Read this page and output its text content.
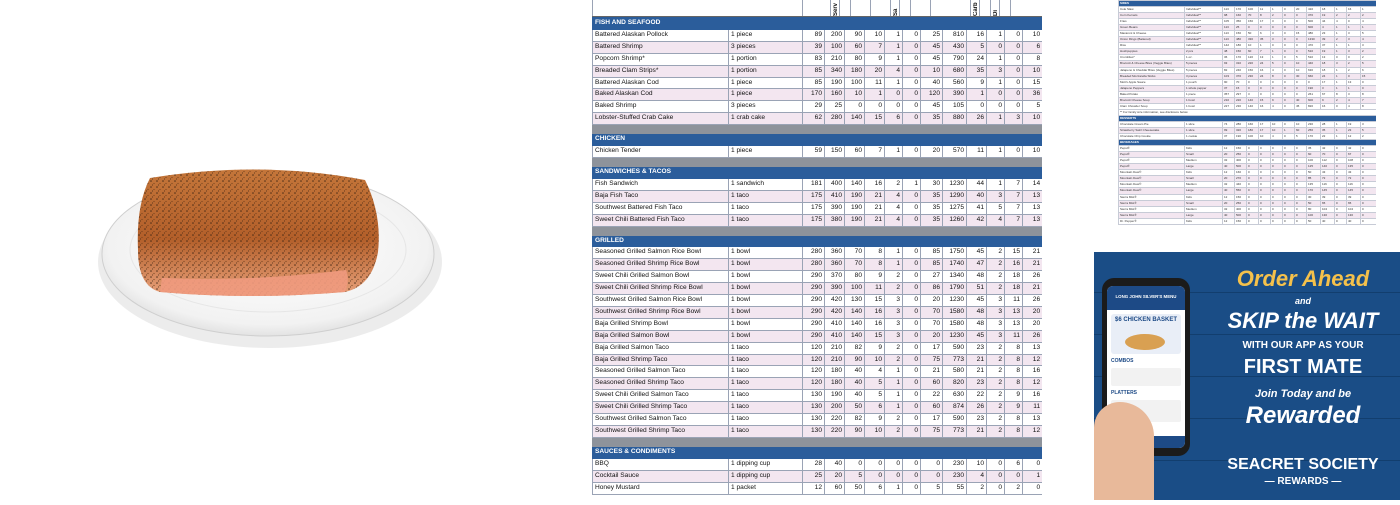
Serv	Sa	Carb Di
FISH AND SEAFOOD													
Battered Alaskan Pollock	1 piece	89	200	90	10	1	0	25	810	16	1	0	10
Battered Shrimp	3 pieces	39	100	60	7	1	0	45	430	5	0	0	6
Popcorn Shrimp*	1 portion	83	210	80	9	1	0	45	790	24	1	0	8
Breaded Clam Strips*	1 portion	85	340	180	20	4	0	10	680	35	3	0	10
Battered Alaskan Cod	1 piece	85	190	100	11	1	0	40	560	9	1	0	15
Baked Alaskan Cod	1 piece	170	160	10	1	0	0	120	390	1	0	0	36
Baked Shrimp	3 pieces	29	25	0	0	0	0	45	105	0	0	0	5
Lobster-Stuffed Crab Cake	1 crab cake	62	280	140	15	6	0	35	880	26	1	3	10

CHICKEN													
Chicken Tender	1 piece	59	150	60	7	1	0	20	570	11	1	0	10

SANDWICHES & TACOS													
Fish Sandwich	1 sandwich	181	400	140	16	2	1	30	1230	44	1	7	14
Baja Fish Taco	1 taco	175	410	190	21	4	0	35	1290	40	3	7	13
Southwest Battered Fish Taco	1 taco	175	390	190	21	4	0	35	1275	41	5	7	13
Sweet Chili Battered Fish Taco	1 taco	175	380	190	21	4	0	35	1260	42	4	7	13

GRILLED													
Seasoned Grilled Salmon Rice Bowl	1 bowl	280	360	70	8	1	0	85	1750	45	2	15	21
Seasoned Grilled Shrimp Rice Bowl	1 bowl	280	360	70	8	1	0	85	1740	47	2	16	21
Sweet Chili Grilled Salmon Bowl	1 bowl	290	370	80	9	2	0	27	1340	48	2	18	26
Sweet Chili Grilled Shrimp Rice Bowl	1 bowl	290	390	100	11	2	0	86	1790	51	2	18	21
Southwest Grilled Salmon Rice Bowl	1 bowl	290	420	130	15	3	0	20	1230	45	3	11	26
Southwest Grilled Shrimp Rice Bowl	1 bowl	290	420	140	16	3	0	70	1580	48	3	13	20
Baja Grilled Shrimp Bowl	1 bowl	290	410	140	16	3	0	70	1580	48	3	13	20
Baja Grilled Salmon Bowl	1 bowl	290	410	140	15	3	0	20	1230	45	3	11	26
Baja Grilled Salmon Taco	1 taco	120	210	82	9	2	0	17	590	23	2	8	13
Baja Grilled Shrimp Taco	1 taco	120	210	90	10	2	0	75	773	21	2	8	12
Seasoned Grilled Salmon Taco	1 taco	120	180	40	4	1	0	21	580	21	2	8	16
Seasoned Grilled Shrimp Taco	1 taco	120	180	40	5	1	0	60	820	23	2	8	12
Sweet Chili Grilled Salmon Taco	1 taco	130	190	40	5	1	0	22	630	22	2	9	16
Sweet Chili Grilled Shrimp Taco	1 taco	130	200	50	6	1	0	60	874	26	2	9	11
Southwest Grilled Salmon Taco	1 taco	130	220	82	9	2	0	17	590	23	2	8	13
Southwest Grilled Shrimp Taco	1 taco	130	220	90	10	2	0	75	773	21	2	8	12

SAUCES & CONDIMENTS													
BBQ	1 dipping cup	28	40	0	0	0	0	0	230	10	0	6	0
Cocktail Sauce	1 dipping cup	25	20	5	0	0	0	0	230	4	0	0	1
Honey Mustard	1 packet	12	60	50	6	1	0	5	55	2	0	2	0
SIDES													
Cole Slaw	Individual**	113	170	100	11	1	0	20	410	18	1	16	1
Corn Kernels	Individual**	98	160	70	8	2	0	0	370	19	2	2	2
Fries	Individual**	105	350	150	17	3	0	0	500	44	4	0	4
Green Beans	Individual**	113	25	0	0	0	0	0	600	4	1	1	1
Macaroni & Cheese	Individual**	113	150	50	6	3	0	15	480	23	1	3	5
Onion Rings (Battered)	Individual**	113	480	330	35	3	0	0	1330	39	2	3	4
Rice	Individual**	142	180	10	1	0	0	0	470	37	1	1	3
Hushpuppies	2 pcs	48	150	60	7	1	0	0	510	19	1	3	2
Crumblies*	1 oz.	36	170	120	13	1	0	5	510	13	0	0	2
Broccoli & Cheese Bites (Veggie Bites)	5 pieces	93	310	220	24	5	0	10	440	18	3	2	5
Jalapeno & Cheddar Bites (Veggie Bites)	5 pieces	82	240	150	16	4	0	10	630	18	1	2	6
Breaded Mozzarella Sticks	3 pieces	103	370	230	24	8	0	30	660	24	1	0	15
Mott's Apple Sauce	1 pouch	90	70	0	0	0	0	0	0	17	1	13	0
Jalapeno Peppers	1 whole pepper	37	15	0	0	0	0	0	190	3	1	1	0
Baked Potato	1 piece	357	297	3	0	0	0	0	261	67	8	3	8
Broccoli Cheese Soup	1 bowl	210	220	140	15	9	0	40	600	9	2	4	7
Clam Chowder Soup	1 bowl	227	230	140	16	4	0	45	820	16	0	4	8
** For family size information, see disclosure below													
DESSERTS													
Chocolate Cream Pie	1 slice	74	280	160	17	10	0	10	230	28	1	19	3
Strawberry Swirl Cheesecake	1 slice	99	320	180	17	10	1	60	256	35	1	23	5
Chocolate Chip Cookie	1 cookie	37	190	100	10	4	0	5	170	22	1	12	2
BEVERAGES													
Pepsi®	Kids	12	150	0	0	0	0	0	35	42	0	42	0
Pepsi®	Small	20	250	0	0	0	0	0	60	70	0	67	0
Pepsi®	Medium	32	400	0	0	0	0	0	100	112	0	108	0
Pepsi®	Large	40	500	0	0	0	0	0	125	140	0	135	0
Mountain Dew®	Kids	12	160	0	0	0	0	0	50	43	0	43	0
Mountain Dew®	Small	20	270	0	0	0	0	0	85	72	0	72	0
Mountain Dew®	Medium	32	440	0	0	0	0	0	135	116	0	116	0
Mountain Dew®	Large	40	550	0	0	0	0	0	170	145	0	145	0
Sierra Mist®	Kids	12	150	0	0	0	0	0	30	39	0	39	0
Sierra Mist®	Small	20	250	0	0	0	0	0	50	65	0	65	0
Sierra Mist®	Medium	32	400	0	0	0	0	0	80	104	0	104	0
Sierra Mist®	Large	40	500	0	0	0	0	0	100	130	0	130	0
Dr. Pepper®	Kids	12	150	0	0	0	0	0	50	40	0	40	0
LONG JOHN SILVER'S MENU
$6 CHICKEN BASKET
COMBOS
PLATTERS
Order Ahead
and
SKIP the WAIT
WITH OUR APP AS YOUR
FIRST MATE
Join Today and be
Rewarded
SEACRET SOCIETY
— REWARDS —
